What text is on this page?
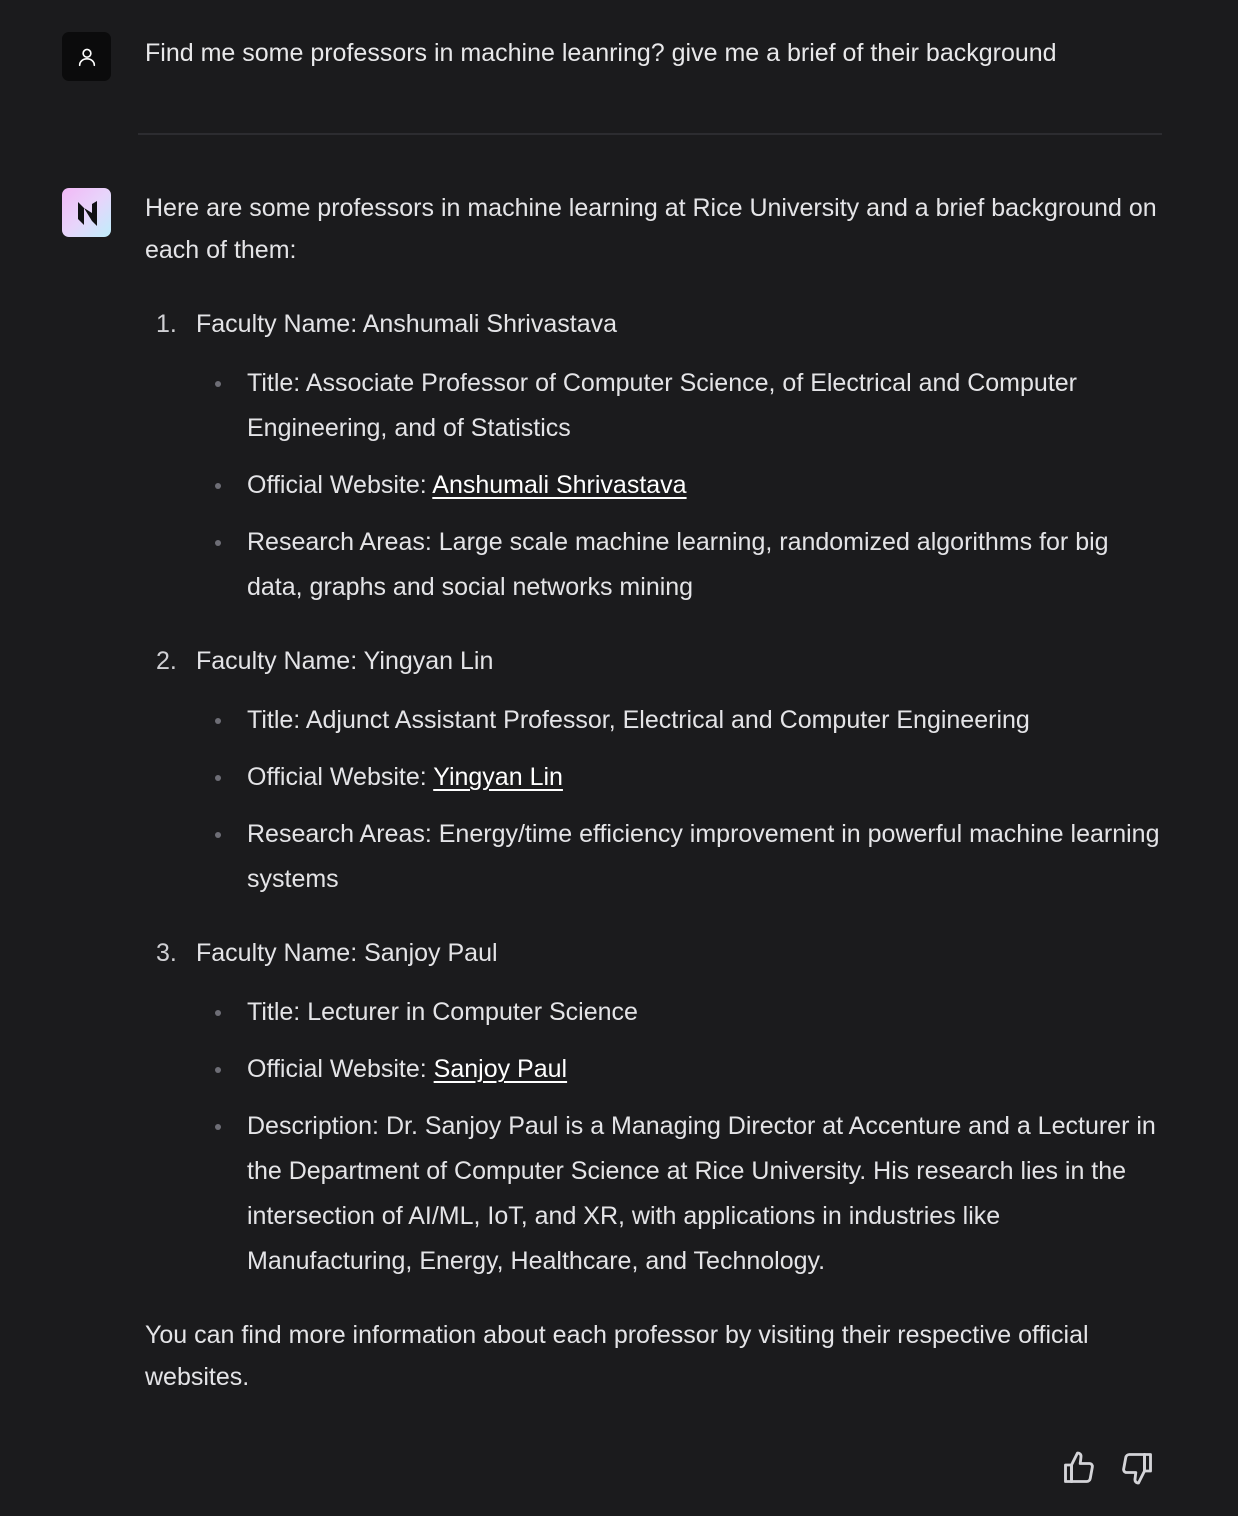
Find me some professors in machine leanring? give me a brief of their background

Here are some professors in machine learning at Rice University and a brief background on each of them:

1. Faculty Name: Anshumali Shrivastava
Title: Associate Professor of Computer Science, of Electrical and Computer Engineering, and of Statistics
Official Website: Anshumali Shrivastava
Research Areas: Large scale machine learning, randomized algorithms for big data, graphs and social networks mining
2. Faculty Name: Yingyan Lin
Title: Adjunct Assistant Professor, Electrical and Computer Engineering
Official Website: Yingyan Lin
Research Areas: Energy/time efficiency improvement in powerful machine learning systems
3. Faculty Name: Sanjoy Paul
Title: Lecturer in Computer Science
Official Website: Sanjoy Paul
Description: Dr. Sanjoy Paul is a Managing Director at Accenture and a Lecturer in the Department of Computer Science at Rice University. His research lies in the intersection of AI/ML, IoT, and XR, with applications in industries like Manufacturing, Energy, Healthcare, and Technology.

You can find more information about each professor by visiting their respective official websites.
